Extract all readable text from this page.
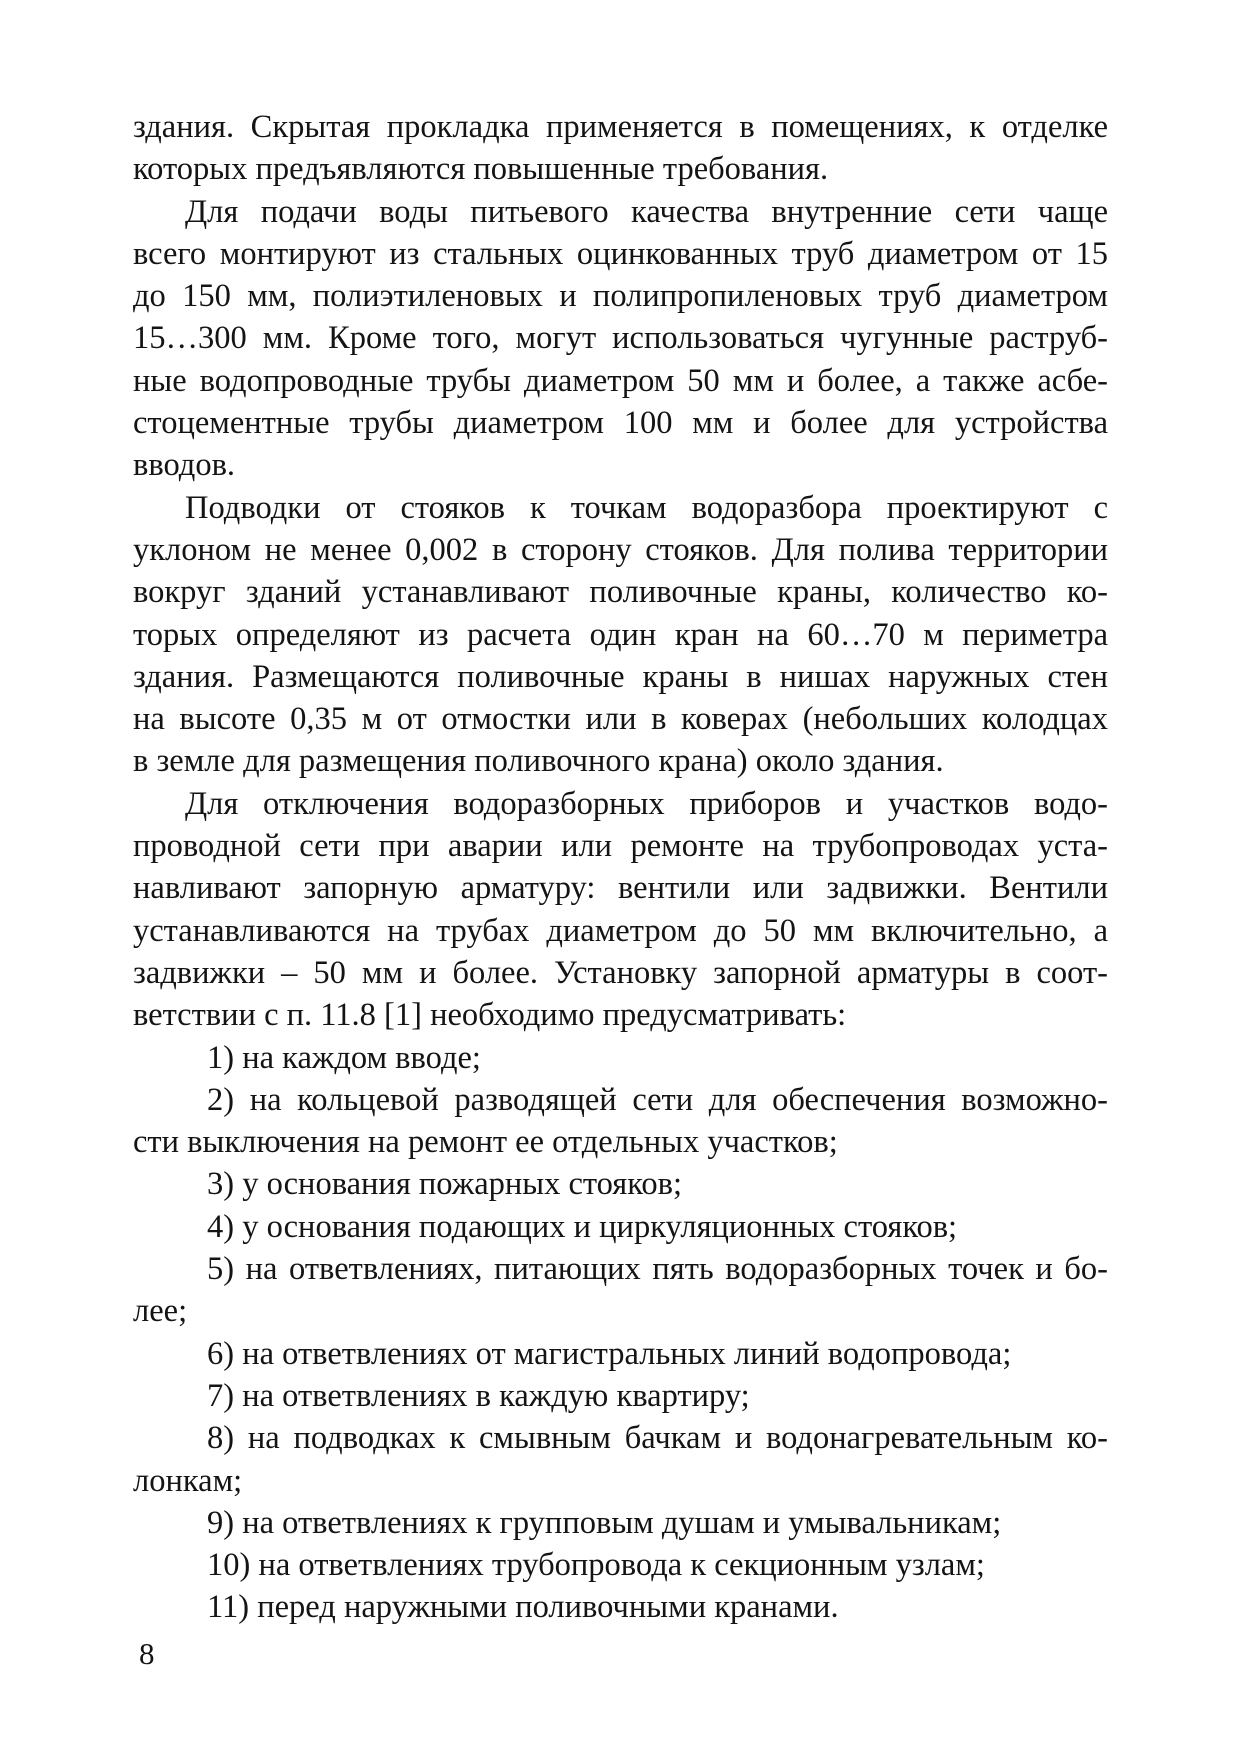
здания. Скрытая прокладка применяется в помещениях, к отделке
которых предъявляются повышенные требования.
Для подачи воды питьевого качества внутренние сети чаще
всего монтируют из стальных оцинкованных труб диаметром от 15
до 150 мм, полиэтиленовых и полипропиленовых труб диаметром
15…300 мм. Кроме того, могут использоваться чугунные раструб-
ные водопроводные трубы диаметром 50 мм и более, а также асбе-
стоцементные трубы диаметром 100 мм и более для устройства
вводов.
Подводки от стояков к точкам водоразбора проектируют с
уклоном не менее 0,002 в сторону стояков. Для полива территории
вокруг зданий устанавливают поливочные краны, количество ко-
торых определяют из расчета один кран на 60…70 м периметра
здания. Размещаются поливочные краны в нишах наружных стен
на высоте 0,35 м от отмостки или в коверах (небольших колодцах
в земле для размещения поливочного крана) около здания.
Для отключения водоразборных приборов и участков водо-
проводной сети при аварии или ремонте на трубопроводах уста-
навливают запорную арматуру: вентили или задвижки. Вентили
устанавливаются на трубах диаметром до 50 мм включительно, а
задвижки – 50 мм и более. Установку запорной арматуры в соот-
ветствии с п. 11.8 [1] необходимо предусматривать:
1) на каждом вводе;
2) на кольцевой разводящей сети для обеспечения возможно-
сти выключения на ремонт ее отдельных участков;
3) у основания пожарных стояков;
4) у основания подающих и циркуляционных стояков;
5) на ответвлениях, питающих пять водоразборных точек и бо-
лее;
6) на ответвлениях от магистральных линий водопровода;
7) на ответвлениях в каждую квартиру;
8) на подводках к смывным бачкам и водонагревательным ко-
лонкам;
9) на ответвлениях к групповым душам и умывальникам;
10) на ответвлениях трубопровода к секционным узлам;
11) перед наружными поливочными кранами.
8
